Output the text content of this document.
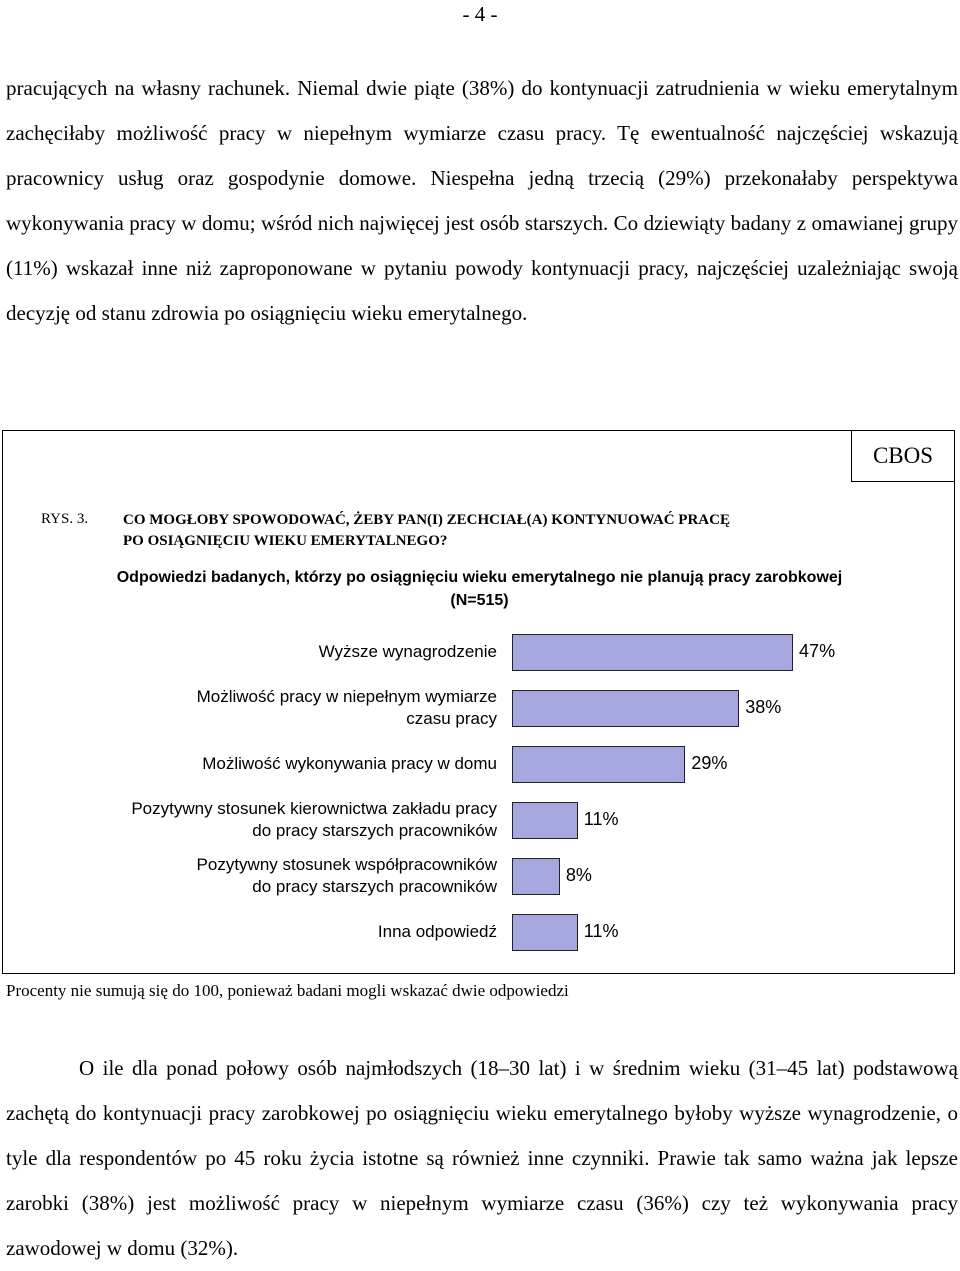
- 4 -

pracujących na własny rachunek. Niemal dwie piąte (38%) do kontynuacji zatrudnienia w wieku emerytalnym zachęciłaby możliwość pracy w niepełnym wymiarze czasu pracy. Tę ewentualność najczęściej wskazują pracownicy usług oraz gospodynie domowe. Niespełna jedną trzecią (29%) przekonałaby perspektywa wykonywania pracy w domu; wśród nich najwięcej jest osób starszych. Co dziewiąty badany z omawianej grupy (11%) wskazał inne niż zaproponowane w pytaniu powody kontynuacji pracy, najczęściej uzależniając swoją decyzję od stanu zdrowia po osiągnięciu wieku emerytalnego.

CBOS
RYS. 3. CO MOGŁOBY SPOWODOWAĆ, ŻEBY PAN(I) ZECHCIAŁ(A) KONTYNUOWAĆ PRACĘ
PO OSIĄGNIĘCIU WIEKU EMERYTALNEGO?
Odpowiedzi badanych, którzy po osiągnięciu wieku emerytalnego nie planują pracy zarobkowej
(N=515)
Wyższe wynagrodzenie	47%
Możliwość pracy w niepełnym wymiarze
czasu pracy
38%
Możliwość wykonywania pracy w domu	29%
Pozytywny stosunek kierownictwa zakładu pracy
do pracy starszych pracowników
11%
Pozytywny stosunek współpracowników
do pracy starszych pracowników
8%
Inna odpowiedź	11%
Procenty nie sumują się do 100, ponieważ badani mogli wskazać dwie odpowiedzi

O ile dla ponad połowy osób najmłodszych (18–30 lat) i w średnim wieku (31–45 lat) podstawową zachętą do kontynuacji pracy zarobkowej po osiągnięciu wieku emerytalnego byłoby wyższe wynagrodzenie, o tyle dla respondentów po 45 roku życia istotne są również inne czynniki. Prawie tak samo ważna jak lepsze zarobki (38%) jest możliwość pracy w niepełnym wymiarze czasu (36%) czy też wykonywania pracy zawodowej w domu (32%).
